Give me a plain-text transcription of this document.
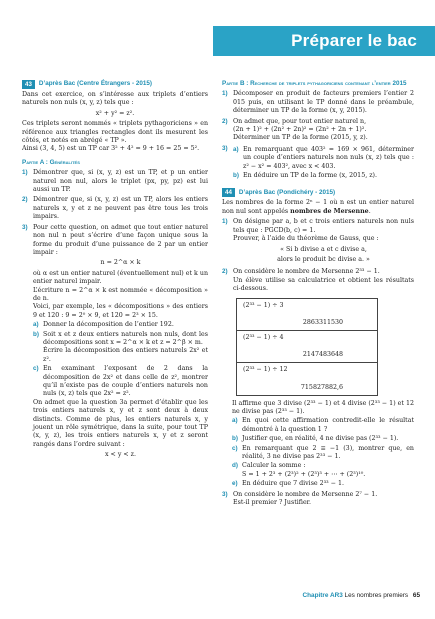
Préparer le bac
43	D’après Bac (Centre Étrangers - 2015)

Dans cet exercice, on s’intéresse aux triplets d’entiers naturels non nuls (x, y, z) tels que :

x² + y² = z².

Ces triplets seront nommés « triplets pythagoriciens » en référence aux triangles rectangles dont ils mesurent les côtés, et notés en abrégé « TP ».

Ainsi (3, 4, 5) est un TP car 3² + 4² = 9 + 16 = 25 = 5².

Partie A : Généralités
1) Démontrer que, si (x, y, z) est un TP, et p un entier naturel non nul, alors le triplet (px, py, pz) est lui aussi un TP.
2) Démontrer que, si (x, y, z) est un TP, alors les entiers naturels x, y et z ne peuvent pas être tous les trois impairs.
3) Pour cette question, on admet que tout entier naturel non nul n peut s’écrire d’une façon unique sous la forme du produit d’une puissance de 2 par un entier impair :

n = 2^α × k

où α est un entier naturel (éventuellement nul) et k un entier naturel impair.

L’écriture n = 2^α × k est nommée « décomposition » de n.

Voici, par exemple, les « décompositions » des entiers 9 et 120 : 9 = 2⁰ × 9, et 120 = 2³ × 15.

a) Donner la décomposition de l’entier 192.
b) Soit x et z deux entiers naturels non nuls, dont les décompositions sont x = 2^α × k et z = 2^β × m.

Écrire la décomposition des entiers naturels 2x² et z².

c) En examinant l’exposant de 2 dans la décomposition de 2x² et dans celle de z², montrer qu’il n’existe pas de couple d’entiers naturels non nuls (x, z) tels que 2x² = z².

On admet que la question 3a permet d’établir que les trois entiers naturels x, y et z sont deux à deux distincts. Comme de plus, les entiers naturels x, y jouent un rôle symétrique, dans la suite, pour tout TP (x, y, z), les trois entiers naturels x, y et z seront rangés dans l’ordre suivant :

x < y < z.

Partie B : Recherche de triplets pythagoriciens contenant l’entier 2015
1) Décomposer en produit de facteurs premiers l’entier 2 015 puis, en utilisant le TP donné dans le préambule, déterminer un TP de la forme (x, y, 2015).
2) On admet que, pour tout entier naturel n,

(2n + 1)² + (2n² + 2n)² = (2n² + 2n + 1)².

Déterminer un TP de la forme (2015, y, z).

3) a) En remarquant que 403² = 169 × 961, déterminer un couple d’entiers naturels non nuls (x, z) tels que : z² − x² = 403², avec x < 403.
b) En déduire un TP de la forme (x, 2015, z).
44	D’après Bac (Pondichéry - 2015)

Les nombres de la forme 2ⁿ − 1 où n est un entier naturel non nul sont appelés nombres de Mersenne.

1) On désigne par a, b et c trois entiers naturels non nuls tels que : PGCD(b, c) = 1.

Prouver, à l’aide du théorème de Gauss, que :

« Si b divise a et c divise a,

alors le produit bc divise a. »

2) On considère le nombre de Mersenne 2³³ − 1.

Un élève utilise sa calculatrice et obtient les résultats ci-dessous.

(2³³ − 1) ÷ 3
2863311530
(2³³ − 1) ÷ 4
2147483648
(2³³ − 1) ÷ 12
715827882,6

Il affirme que 3 divise (2³³ − 1) et 4 divise (2³³ − 1) et 12 ne divise pas (2³³ − 1).

a) En quoi cette affirmation contredit-elle le résultat démontré à la question 1 ?
b) Justifier que, en réalité, 4 ne divise pas (2³³ − 1).
c) En remarquant que 2 ≡ −1 (3), montrer que, en réalité, 3 ne divise pas 2³³ − 1.
d) Calculer la somme :

S = 1 + 2³ + (2³)² + (2³)³ + ⋯ + (2³)¹⁰.

e) En déduire que 7 divise 2³³ − 1.
3) On considère le nombre de Mersenne 2⁷ − 1.

Est-il premier ? Justifier.

Chapitre AR3 Les nombres premiers 65
